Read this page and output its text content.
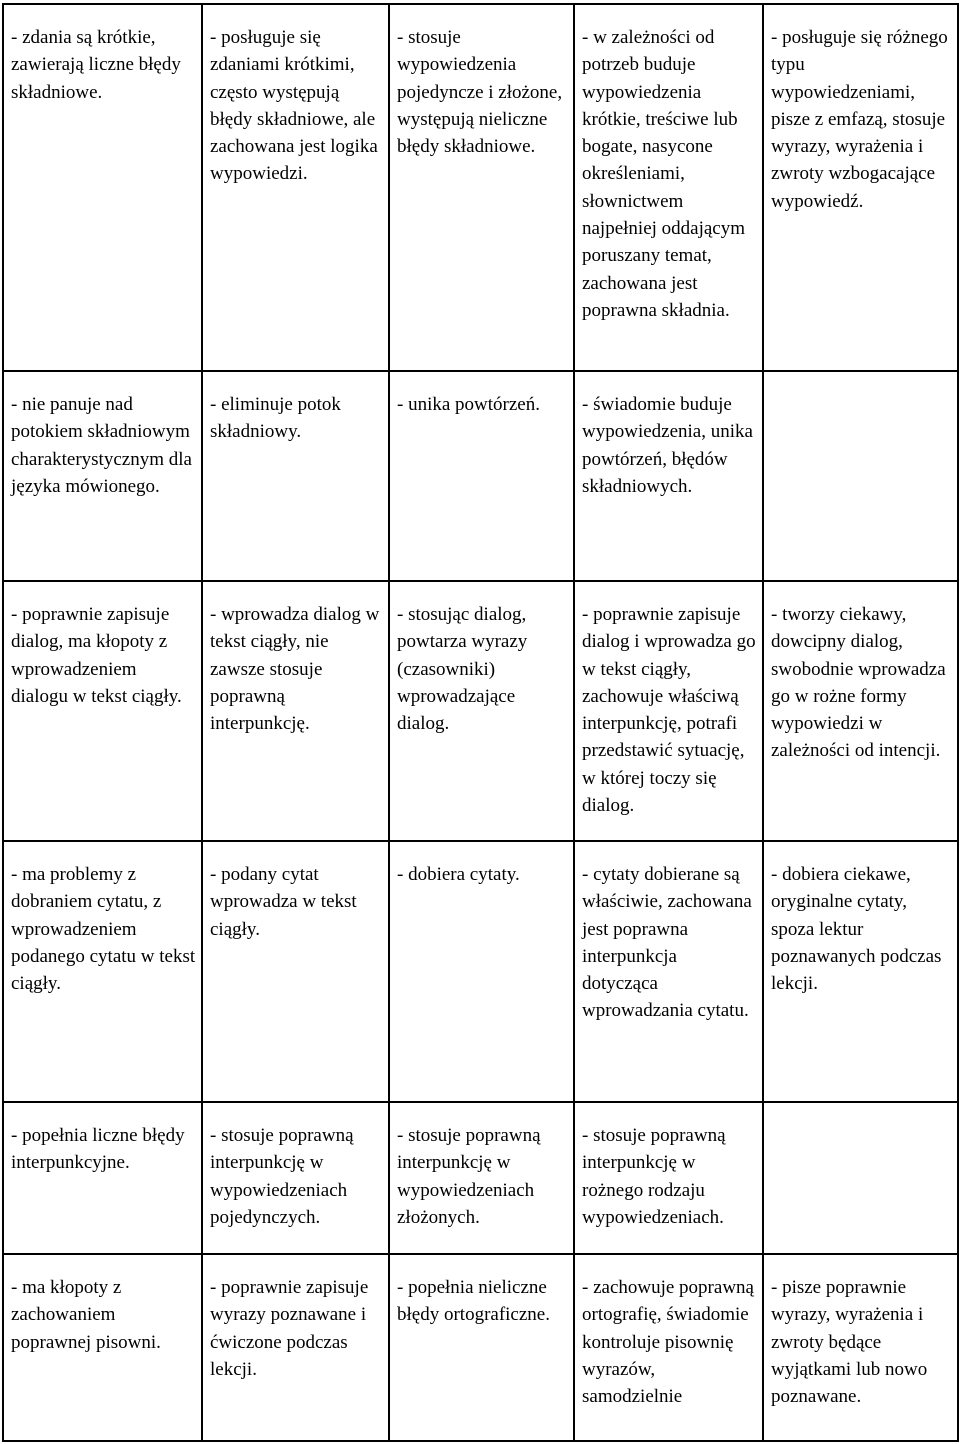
- zdania są krótkie, zawierają liczne błędy składniowe.	- posługuje się zdaniami krótkimi, często występują błędy składniowe, ale zachowana jest logika wypowiedzi.	- stosuje wypowiedzenia pojedyncze i złożone, występują nieliczne błędy składniowe.	- w zależności od potrzeb buduje wypowiedzenia krótkie, treściwe lub bogate, nasycone określeniami, słownictwem najpełniej oddającym poruszany temat, zachowana jest poprawna składnia.	- posługuje się różnego typu wypowiedzeniami, pisze z emfazą, stosuje wyrazy, wyrażenia i zwroty wzbogacające wypowiedź.

- nie panuje nad potokiem składniowym charakterystycznym dla języka mówionego.	- eliminuje potok składniowy.	- unika powtórzeń.	- świadomie buduje wypowiedzenia, unika powtórzeń, błędów składniowych.	

- poprawnie zapisuje dialog, ma kłopoty z wprowadzeniem dialogu w tekst ciągły.	- wprowadza dialog w tekst ciągły, nie zawsze stosuje poprawną interpunkcję.	- stosując dialog, powtarza wyrazy (czasowniki) wprowadzające dialog.	- poprawnie zapisuje dialog i wprowadza go w tekst ciągły, zachowuje właściwą interpunkcję, potrafi przedstawić sytuację, w której toczy się dialog.	- tworzy ciekawy, dowcipny dialog, swobodnie wprowadza go w rożne formy wypowiedzi w zależności od intencji.

- ma problemy z dobraniem cytatu, z wprowadzeniem podanego cytatu w tekst ciągły.	- podany cytat wprowadza w tekst ciągły.	- dobiera cytaty.	- cytaty dobierane są właściwie, zachowana jest poprawna interpunkcja dotycząca wprowadzania cytatu.	- dobiera ciekawe, oryginalne cytaty, spoza lektur poznawanych podczas lekcji.

- popełnia liczne błędy interpunkcyjne.	- stosuje poprawną interpunkcję w wypowiedzeniach pojedynczych.	- stosuje poprawną interpunkcję w wypowiedzeniach złożonych.	- stosuje poprawną interpunkcję w rożnego rodzaju wypowiedzeniach.	

- ma kłopoty z zachowaniem poprawnej pisowni.	- poprawnie zapisuje wyrazy poznawane i ćwiczone podczas lekcji.	- popełnia nieliczne błędy ortograficzne.	- zachowuje poprawną ortografię, świadomie kontroluje pisownię wyrazów, samodzielnie	- pisze poprawnie wyrazy, wyrażenia i zwroty będące wyjątkami lub nowo poznawane.
